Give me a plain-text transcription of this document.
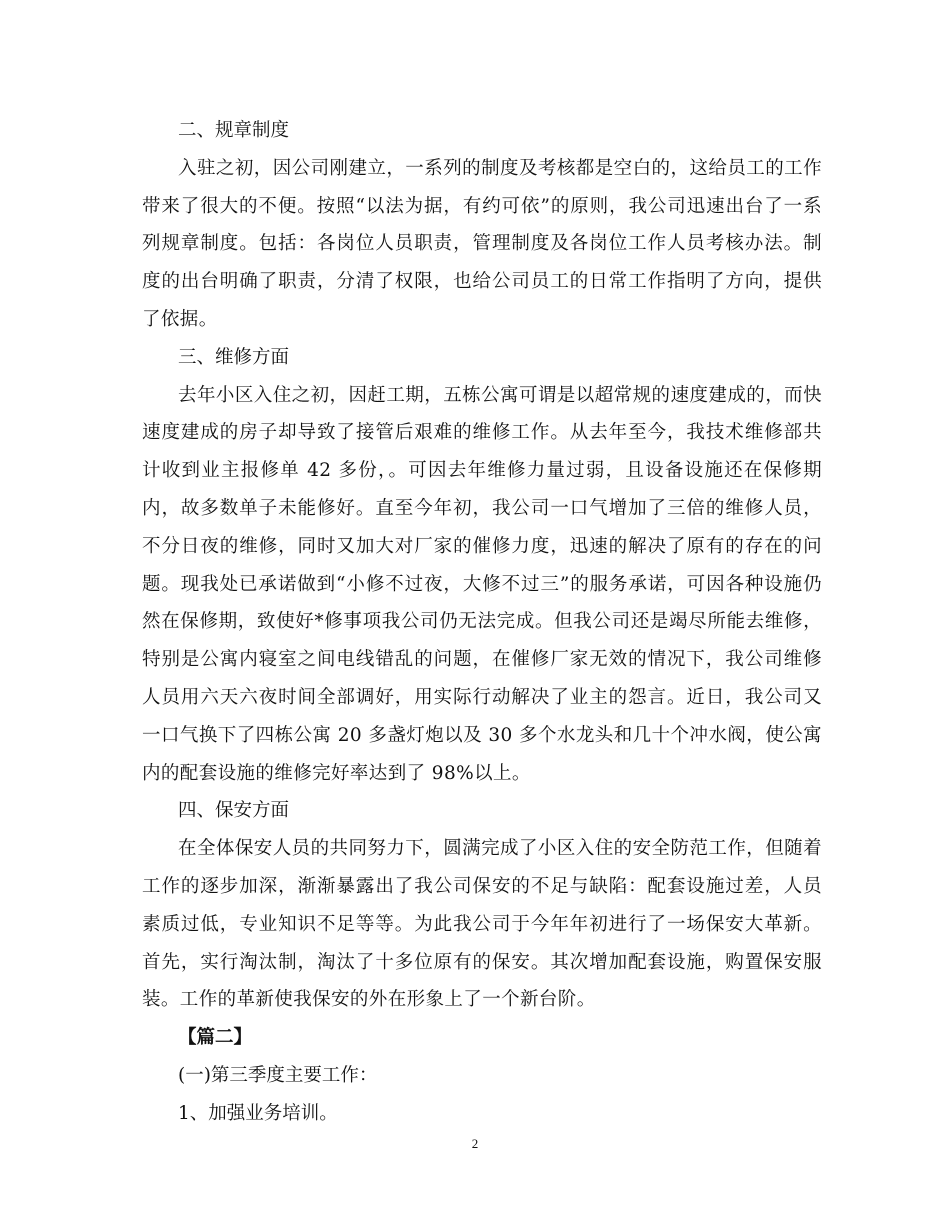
二、规章制度

入驻之初，因公司刚建立，一系列的制度及考核都是空白的，这给员工的工作带来了很大的不便。按照“以法为据，有约可依”的原则，我公司迅速出台了一系列规章制度。包括：各岗位人员职责，管理制度及各岗位工作人员考核办法。制度的出台明确了职责，分清了权限，也给公司员工的日常工作指明了方向，提供了依据。

三、维修方面

去年小区入住之初，因赶工期，五栋公寓可谓是以超常规的速度建成的，而快速度建成的房子却导致了接管后艰难的维修工作。从去年至今，我技术维修部共计收到业主报修单 42 多份，。可因去年维修力量过弱，且设备设施还在保修期内，故多数单子未能修好。直至今年初，我公司一口气增加了三倍的维修人员，不分日夜的维修，同时又加大对厂家的催修力度，迅速的解决了原有的存在的问题。现我处已承诺做到“小修不过夜，大修不过三”的服务承诺，可因各种设施仍然在保修期，致使好*修事项我公司仍无法完成。但我公司还是竭尽所能去维修，特别是公寓内寝室之间电线错乱的问题，在催修厂家无效的情况下，我公司维修人员用六天六夜时间全部调好，用实际行动解决了业主的怨言。近日，我公司又一口气换下了四栋公寓 20 多盏灯炮以及 30 多个水龙头和几十个冲水阀，使公寓内的配套设施的维修完好率达到了 98%以上。

四、保安方面

在全体保安人员的共同努力下，圆满完成了小区入住的安全防范工作，但随着工作的逐步加深，渐渐暴露出了我公司保安的不足与缺陷：配套设施过差，人员素质过低，专业知识不足等等。为此我公司于今年年初进行了一场保安大革新。首先，实行淘汰制，淘汰了十多位原有的保安。其次增加配套设施，购置保安服装。工作的革新使我保安的外在形象上了一个新台阶。

【篇二】

(一)第三季度主要工作：

1、加强业务培训。

2
